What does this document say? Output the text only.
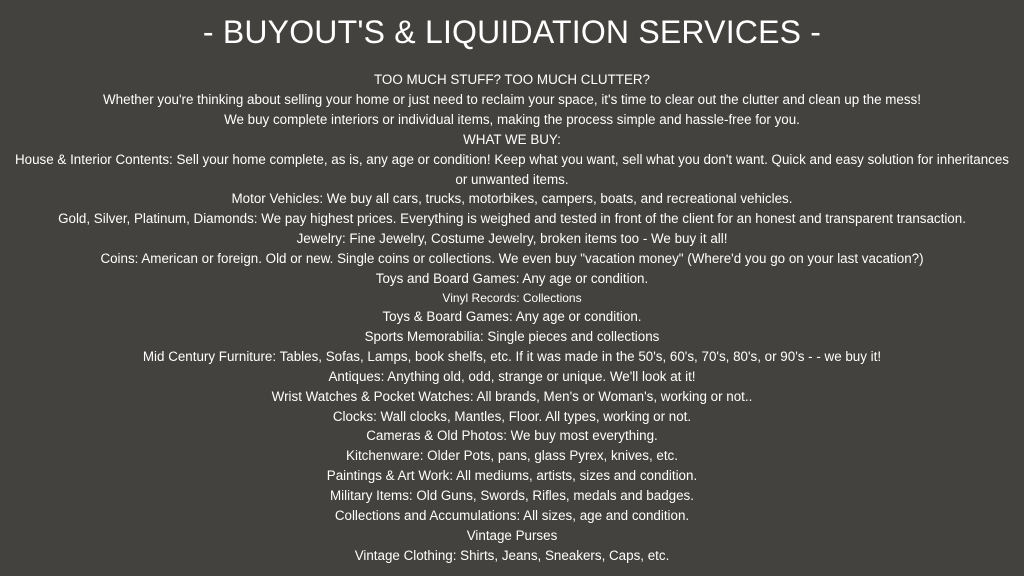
- BUYOUT'S & LIQUIDATION SERVICES -
TOO MUCH STUFF? TOO MUCH CLUTTER?
Whether you're thinking about selling your home or just need to reclaim your space, it's time to clear out the clutter and clean up the mess!
We buy complete interiors or individual items, making the process simple and hassle-free for you.
WHAT WE BUY:
House & Interior Contents: Sell your home complete, as is, any age or condition! Keep what you want, sell what you don't want. Quick and easy solution for inheritances or unwanted items.
Motor Vehicles: We buy all cars, trucks, motorbikes, campers, boats, and recreational vehicles.
Gold, Silver, Platinum, Diamonds: We pay highest prices. Everything is weighed and tested in front of the client for an honest and transparent transaction.
Jewelry: Fine Jewelry, Costume Jewelry, broken items too - We buy it all!
Coins: American or foreign. Old or new. Single coins or collections. We even buy "vacation money" (Where'd you go on your last vacation?)
Toys and Board Games: Any age or condition.
Vinyl Records: Collections
Toys & Board Games: Any age or condition.
Sports Memorabilia: Single pieces and collections
Mid Century Furniture: Tables, Sofas, Lamps, book shelfs, etc. If it was made in the 50's, 60's, 70's, 80's, or 90's - - we buy it!
Antiques: Anything old, odd, strange or unique. We'll look at it!
Wrist Watches & Pocket Watches: All brands, Men's or Woman's, working or not..
Clocks: Wall clocks, Mantles, Floor. All types, working or not.
Cameras & Old Photos: We buy most everything.
Kitchenware: Older Pots, pans, glass Pyrex, knives, etc.
Paintings & Art Work: All mediums, artists, sizes and condition.
Military Items: Old Guns, Swords, Rifles, medals and badges.
Collections and Accumulations: All sizes, age and condition.
Vintage Purses
Vintage Clothing: Shirts, Jeans, Sneakers, Caps, etc.
